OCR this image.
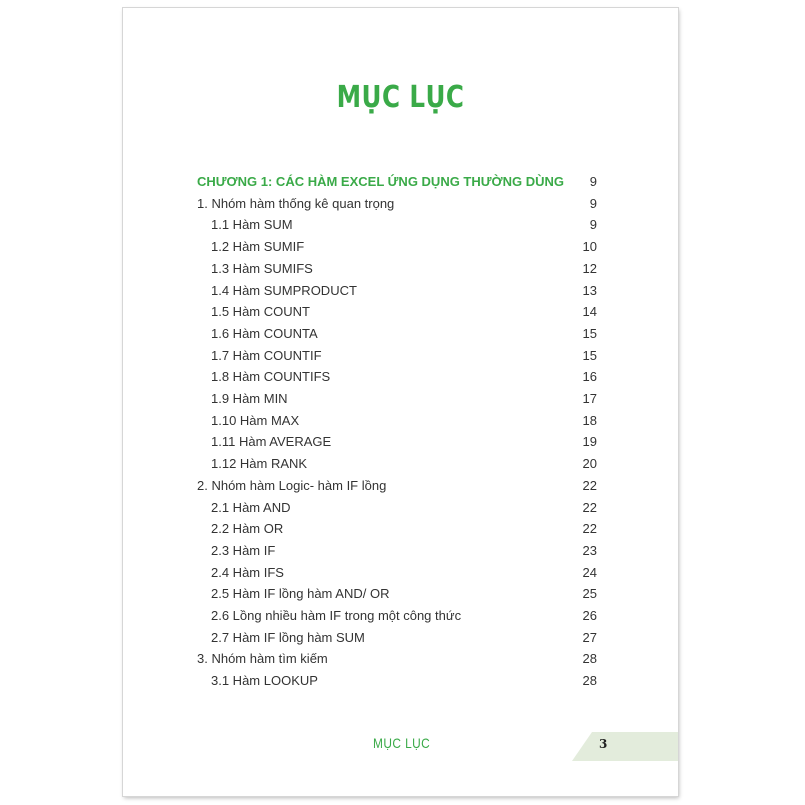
MỤC LỤC
CHƯƠNG 1: CÁC HÀM EXCEL ỨNG DỤNG THƯỜNG DÙNG 9
1. Nhóm hàm thống kê quan trọng	9
1.1 Hàm SUM	9
1.2 Hàm SUMIF	10
1.3 Hàm SUMIFS	12
1.4 Hàm SUMPRODUCT	13
1.5 Hàm COUNT	14
1.6 Hàm COUNTA	15
1.7 Hàm COUNTIF	15
1.8 Hàm COUNTIFS	16
1.9 Hàm MIN	17
1.10 Hàm MAX	18
1.11 Hàm AVERAGE	19
1.12 Hàm RANK	20
2. Nhóm hàm Logic- hàm IF lồng	22
2.1 Hàm AND	22
2.2 Hàm OR	22
2.3 Hàm IF	23
2.4 Hàm IFS	24
2.5 Hàm IF lồng hàm AND/ OR	25
2.6 Lồng nhiều hàm IF trong một công thức	26
2.7 Hàm IF lồng hàm SUM	27
3. Nhóm hàm tìm kiếm	28
3.1 Hàm LOOKUP	28
MỤC LỤC	3
